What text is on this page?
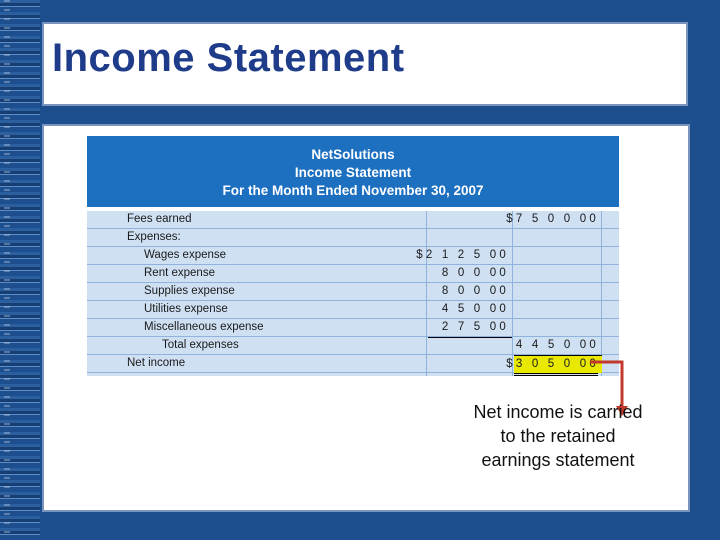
Income Statement
NetSolutions
Income Statement
For the Month Ended November 30, 2007
Fees earned	$7 5 0 0 00
Expenses:
Wages expense	$2 1 2 5 00
Rent expense	8 0 0 00
Supplies expense	8 0 0 00
Utilities expense	4 5 0 00
Miscellaneous expense	2 7 5 00
Total expenses	4 4 5 0 00
Net income	$3 0 5 0 00
Net income is carried to the retained earnings statement
